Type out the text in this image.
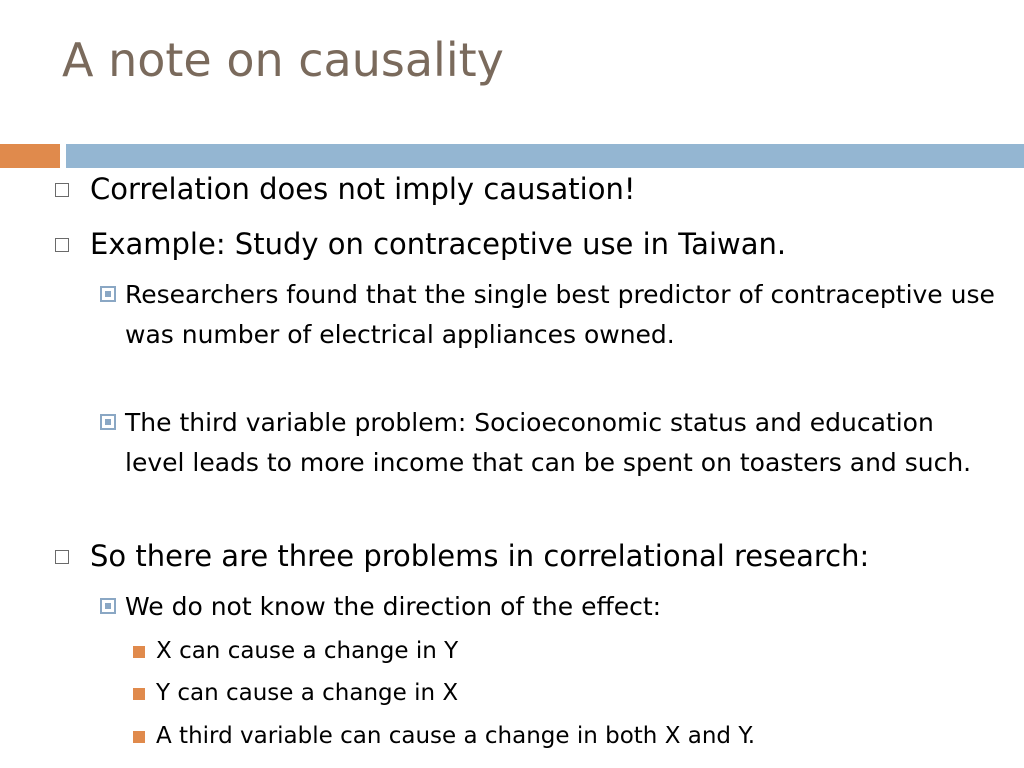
A note on causality
Correlation does not imply causation!
Example: Study on contraceptive use in Taiwan.
Researchers found that the single best predictor of contraceptive use was number of electrical appliances owned.
The third variable problem: Socioeconomic status and education level leads to more income that can be spent on toasters and such.
So there are three problems in correlational research:
We do not know the direction of the effect:
X can cause a change in Y
Y can cause a change in X
A third variable can cause a change in both X and Y.
